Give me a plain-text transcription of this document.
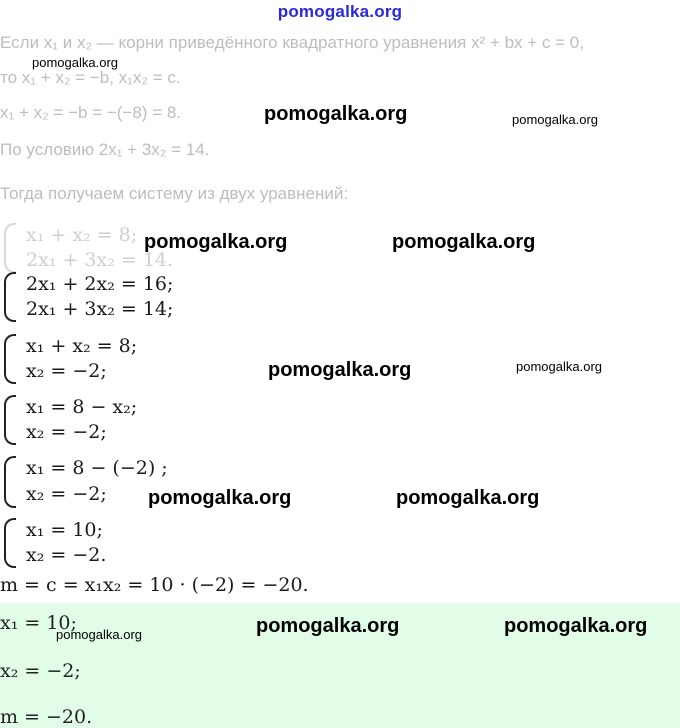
pomogalka.org
Если x₁ и x₂ — корни приведённого квадратного уравнения x² + bx + c = 0,
то x₁ + x₂ = −b, x₁x₂ = c.
x₁ + x₂ = −b = −(−8) = 8.
По условию 2x₁ + 3x₂ = 14.
Тогда получаем систему из двух уравнений:
x₁ + x₂ = 8;
2x₁ + 3x₂ = 14.
2x₁ + 2x₂ = 16;
2x₁ + 3x₂ = 14;
x₁ + x₂ = 8;
x₂ = −2;
x₁ = 8 − x₂;
x₂ = −2;
x₁ = 8 − (−2) ;
x₂ = −2;
x₁ = 10;
x₂ = −2.
m = c = x₁x₂ = 10 · (−2) = −20.
x₁ = 10;
x₂ = −2;
m = −20.
pomogalka.org
pomogalka.org	pomogalka.org
pomogalka.org	pomogalka.org
pomogalka.org	pomogalka.org
pomogalka.org	pomogalka.org
pomogalka.org	pomogalka.org	pomogalka.org
